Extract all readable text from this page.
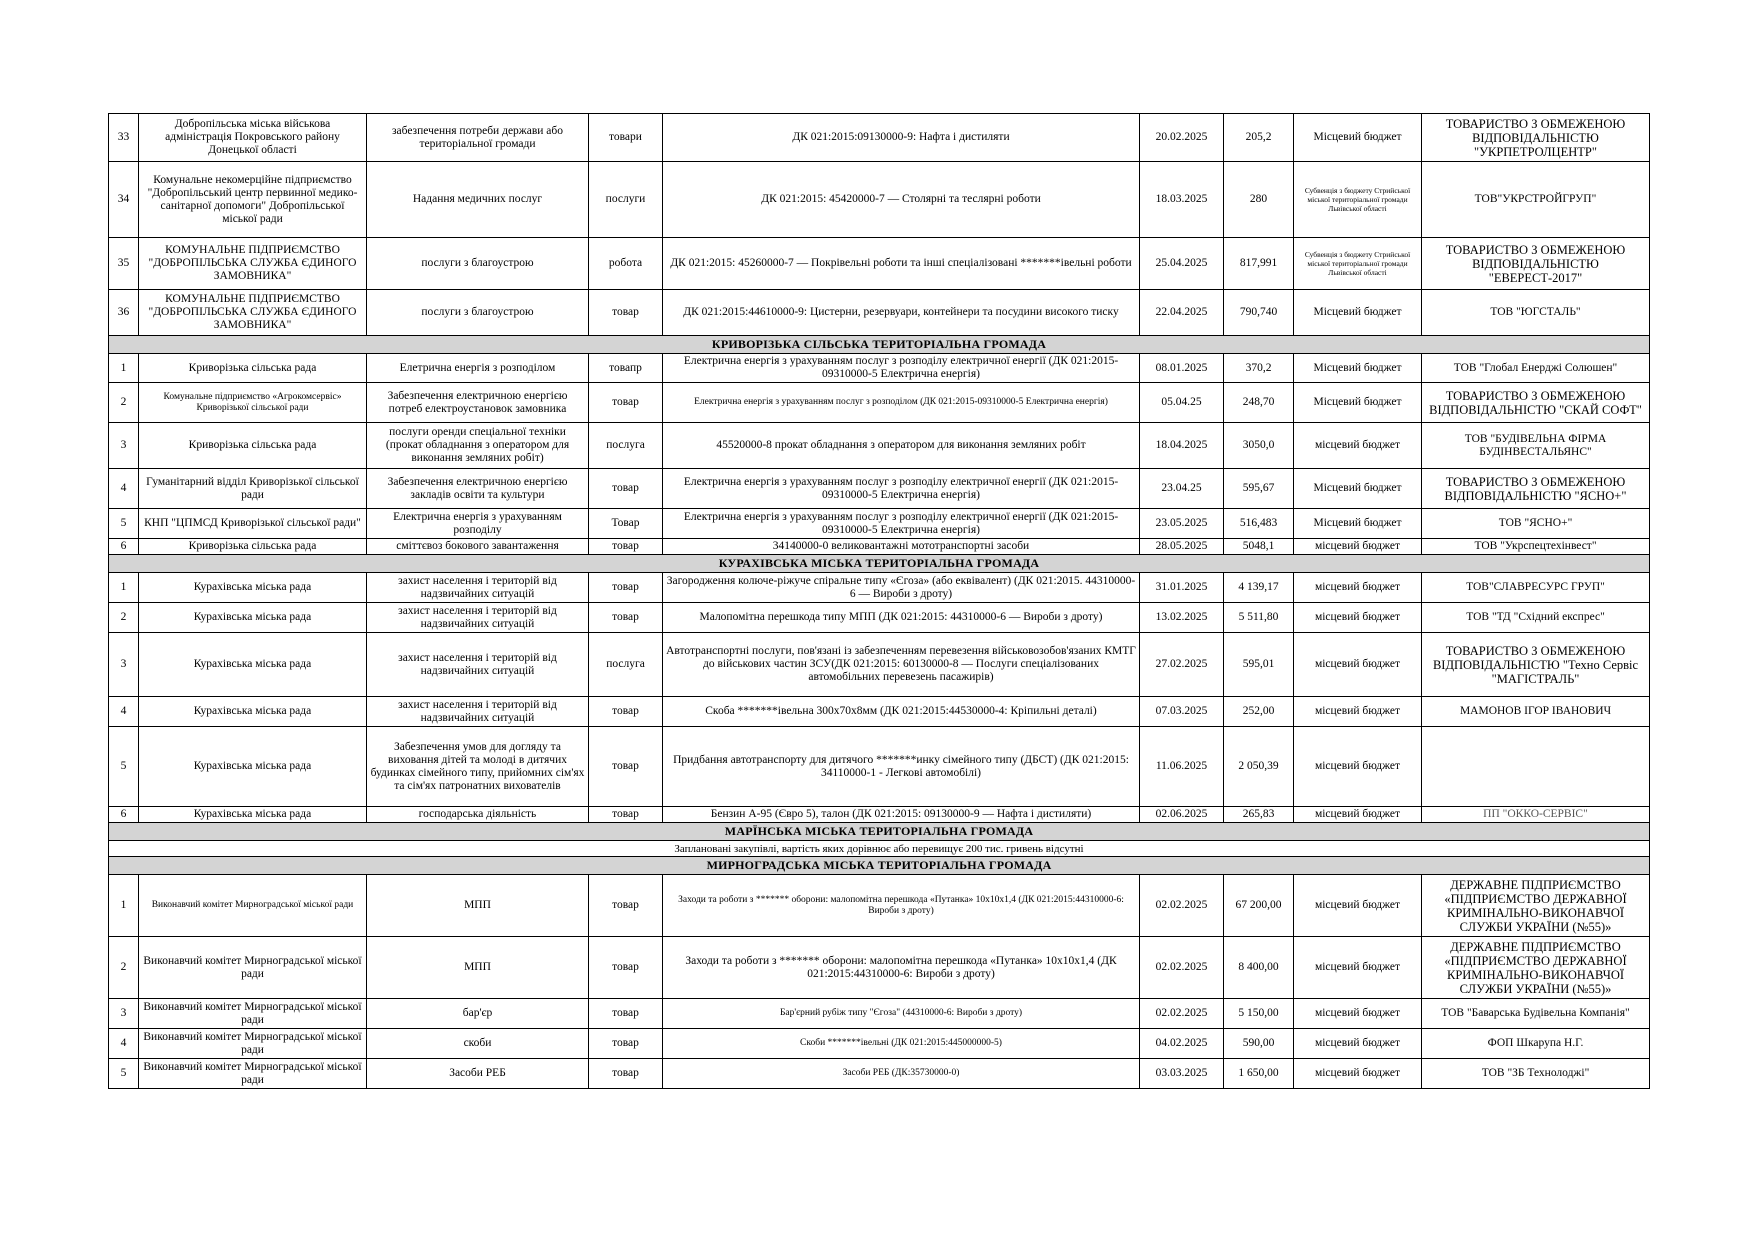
33	Добропільська міська військова адміністрація Покровського району Донецької області	забезпечення потреби держави або територіальної громади	товари	ДК 021:2015:09130000-9: Нафта і дистиляти	20.02.2025	205,2	Місцевий бюджет	ТОВАРИСТВО З ОБМЕЖЕНОЮ ВІДПОВІДАЛЬНІСТЮ "УКРПЕТРОЛЦЕНТР"
34	Комунальне некомерційне підприємство "Добропільський центр первинної медико-санітарної допомоги" Добропільської міської ради	Надання медичних послуг	послуги	ДК 021:2015: 45420000-7 — Столярні та теслярні роботи	18.03.2025	280	Субвенція з бюджету Стрийської міської територіальної громади Львівської області	ТОВ"УКРСТРОЙГРУП"
35	КОМУНАЛЬНЕ ПІДПРИЄМСТВО "ДОБРОПІЛЬСЬКА СЛУЖБА ЄДИНОГО ЗАМОВНИКА"	послуги з благоустрою	робота	ДК 021:2015: 45260000-7 — Покрівельні роботи та інші спеціалізовані *******івельні роботи	25.04.2025	817,991	Субвенція з бюджету Стрийської міської територіальної громади Львівської області	ТОВАРИСТВО З ОБМЕЖЕНОЮ ВІДПОВІДАЛЬНІСТЮ "ЕВЕРЕСТ-2017"
36	КОМУНАЛЬНЕ ПІДПРИЄМСТВО "ДОБРОПІЛЬСЬКА СЛУЖБА ЄДИНОГО ЗАМОВНИКА"	послуги з благоустрою	товар	ДК 021:2015:44610000-9: Цистерни, резервуари, контейнери та посудини високого тиску	22.04.2025	790,740	Місцевий бюджет	ТОВ "ЮГСТАЛЬ"
КРИВОРІЗЬКА СІЛЬСЬКА ТЕРИТОРІАЛЬНА ГРОМАДА								
1	Криворізька сільська рада	Елетрична енергія з розподілом	товапр	Електрична енергія з урахуванням послуг з розподілу електричної енергії (ДК 021:2015-09310000-5 Електрична енергія)	08.01.2025	370,2	Місцевий бюджет	ТОВ "Глобал Енерджі Солюшен"
2	Комунальне підприємство «Агрокомсервіс» Криворізької сільської ради	Забезпечення електричною енергією потреб електроустановок замовника	товар	Електрична енергія з урахуванням послуг з розподілом (ДК 021:2015-09310000-5 Електрична енергія)	05.04.25	248,70	Місцевий бюджет	ТОВАРИСТВО З ОБМЕЖЕНОЮ ВІДПОВІДАЛЬНІСТЮ "СКАЙ СОФТ"
3	Криворізька сільська рада	послуги оренди спеціальної техніки (прокат обладнання з оператором для виконання земляних робіт)	послуга	45520000-8 прокат обладнання з оператором для виконання земляних робіт	18.04.2025	3050,0	місцевий бюджет	ТОВ "БУДІВЕЛЬНА ФІРМА БУДІНВЕСТАЛЬЯНС"
4	Гуманітарний відділ Криворізької сільської ради	Забезпечення електричною енергією закладів освіти та культури	товар	Електрична енергія з урахуванням послуг з розподілу електричної енергії (ДК 021:2015-09310000-5 Електрична енергія)	23.04.25	595,67	Місцевий бюджет	ТОВАРИСТВО З ОБМЕЖЕНОЮ ВІДПОВІДАЛЬНІСТЮ "ЯСНО+"
5	КНП "ЦПМСД Криворізької сільської ради"	Електрична енергія з урахуванням розподілу	Товар	Електрична енергія з урахуванням послуг з розподілу електричної енергії (ДК 021:2015-09310000-5 Електрична енергія)	23.05.2025	516,483	Місцевий бюджет	ТОВ "ЯСНО+"
6	Криворізька сільська рада	сміттєвоз бокового завантаження	товар	34140000-0 великовантажні мототранспортні засоби	28.05.2025	5048,1	місцевий бюджет	ТОВ "Укрспецтехінвест"
КУРАХІВСЬКА МІСЬКА ТЕРИТОРІАЛЬНА ГРОМАДА								
1	Курахівська міська рада	захист населення і територій від надзвичайних ситуацій	товар	Загородження колюче-ріжуче спіральне типу «Єгоза» (або еквівалент) (ДК 021:2015. 44310000-6 — Вироби з дроту)	31.01.2025	4 139,17	місцевий бюджет	ТОВ"СЛАВРЕСУРС ГРУП"
2	Курахівська міська рада	захист населення і територій від надзвичайних ситуацій	товар	Малопомітна перешкода типу МПП (ДК 021:2015: 44310000-6 — Вироби з дроту)	13.02.2025	5 511,80	місцевий бюджет	ТОВ "ТД "Східний експрес"
3	Курахівська міська рада	захист населення і територій від надзвичайних ситуацій	послуга	Автотранспортні послуги, пов'язані із забезпеченням перевезення військовозобов'язаних КМТГ до військових частин ЗСУ(ДК 021:2015: 60130000-8 — Послуги спеціалізованих автомобільних перевезень пасажирів)	27.02.2025	595,01	місцевий бюджет	ТОВАРИСТВО З ОБМЕЖЕНОЮ ВІДПОВІДАЛЬНІСТЮ "Техно Сервіс "МАГІСТРАЛЬ"
4	Курахівська міська рада	захист населення і територій від надзвичайних ситуацій	товар	Скоба *******івельна 300х70х8мм (ДК 021:2015:44530000-4: Кріпильні деталі)	07.03.2025	252,00	місцевий бюджет	МАМОНОВ ІГОР ІВАНОВИЧ
5	Курахівська міська рада	Забезпечення умов для догляду та виховання дітей та молоді в дитячих будинках сімейного типу, прийомних сім'ях та сім'ях патронатних вихователів	товар	Придбання автотранспорту для дитячого *******инку сімейного типу (ДБСТ) (ДК 021:2015: 34110000-1 - Легкові автомобілі)	11.06.2025	2 050,39	місцевий бюджет	
6	Курахівська міська рада	господарська діяльність	товар	Бензин А-95 (Євро 5), талон (ДК 021:2015: 09130000-9 — Нафта і дистиляти)	02.06.2025	265,83	місцевий бюджет	ПП "ОККО-СЕРВІС"
МАРЇНСЬКА МІСЬКА ТЕРИТОРІАЛЬНА ГРОМАДА								
Заплановані закупівлі, вартість яких дорівнює або перевищує 200 тис. гривень відсутні								
МИРНОГРАДСЬКА МІСЬКА ТЕРИТОРІАЛЬНА ГРОМАДА								
1	Виконавчий комітет Мирноградської міської ради	МПП	товар	Заходи та роботи з ******* оборони: малопомітна перешкода «Путанка» 10х10х1,4 (ДК 021:2015:44310000-6: Вироби з дроту)	02.02.2025	67 200,00	місцевий бюджет	ДЕРЖАВНЕ ПІДПРИЄМСТВО «ПІДПРИЄМСТВО ДЕРЖАВНОЇ КРИМІНАЛЬНО-ВИКОНАВЧОЇ СЛУЖБИ УКРАЇНИ (№55)»
2	Виконавчий комітет Мирноградської міської ради	МПП	товар	Заходи та роботи з ******* оборони: малопомітна перешкода «Путанка» 10х10х1,4 (ДК 021:2015:44310000-6: Вироби з дроту)	02.02.2025	8 400,00	місцевий бюджет	ДЕРЖАВНЕ ПІДПРИЄМСТВО «ПІДПРИЄМСТВО ДЕРЖАВНОЇ КРИМІНАЛЬНО-ВИКОНАВЧОЇ СЛУЖБИ УКРАЇНИ (№55)»
3	Виконавчий комітет Мирноградської міської ради	бар'єр	товар	Бар'єрний рубіж типу "Єгоза" (44310000-6: Вироби з дроту)	02.02.2025	5 150,00	місцевий бюджет	ТОВ "Баварська Будівельна Компанія"
4	Виконавчий комітет Мирноградської міської ради	скоби	товар	Скоби *******івельні (ДК 021:2015:445000000-5)	04.02.2025	590,00	місцевий бюджет	ФОП Шкарупа Н.Г.
5	Виконавчий комітет Мирноградської міської ради	Засоби РЕБ	товар	Засоби РЕБ (ДК:35730000-0)	03.03.2025	1 650,00	місцевий бюджет	ТОВ "ЗБ Технолоджі"
